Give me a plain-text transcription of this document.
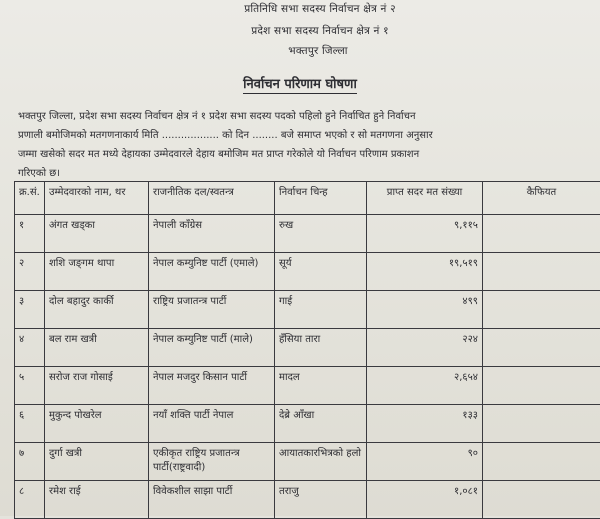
प्रतिनिधि सभा सदस्य निर्वाचन क्षेत्र नं २
प्रदेश सभा सदस्य निर्वाचन क्षेत्र नं १
भक्तपुर जिल्ला
निर्वाचन परिणाम घोषणा
भक्तपुर जिल्ला, प्रदेश सभा सदस्य निर्वाचन क्षेत्र नं १ प्रदेश सभा सदस्य पदको पहिलो हुने निर्वाचित हुने निर्वाचन
प्रणाली बमोजिमको मतगणनाकार्य मिति .................. को दिन ........ बजे समाप्त भएको र सो मतगणना अनुसार
जम्मा खसेको सदर मत मध्ये देहायका उम्मेदवारले देहाय बमोजिम मत प्राप्त गरेकोले यो निर्वाचन परिणाम प्रकाशन
गरिएको छ।
क्र.सं.	उम्मेदवारको नाम, थर	राजनीतिक दल/स्वतन्त्र	निर्वाचन चिन्ह	प्राप्त सदर मत संख्या	कैफियत
१	अंगत खड्का	नेपाली काँग्रेस	रुख	९,११५	
२	शशि जङ्‌गम थापा	नेपाल कम्युनिष्ट पार्टी (एमाले)	सूर्य	१९,५१९	
३	दोल बहादुर कार्की	राष्ट्रिय प्रजातन्त्र पार्टी	गाई	४९९	
४	बल राम खत्री	नेपाल कम्युनिष्ट पार्टी (माले)	हँसिया तारा	२२४	
५	सरोज राज गोसाई	नेपाल मजदुर किसान पार्टी	मादल	२,६५४	
६	मुकुन्द पोखरेल	नयाँ शक्ति पार्टी नेपाल	देब्रे आँखा	१३३	
७	दुर्गा खत्री	एकीकृत राष्ट्रिय प्रजातन्त्र पार्टी(राष्ट्रवादी)	आयातकारभित्रको हलो	९०	
८	रमेश राई	विवेकशील साझा पार्टी	तराजु	१,०८१	
